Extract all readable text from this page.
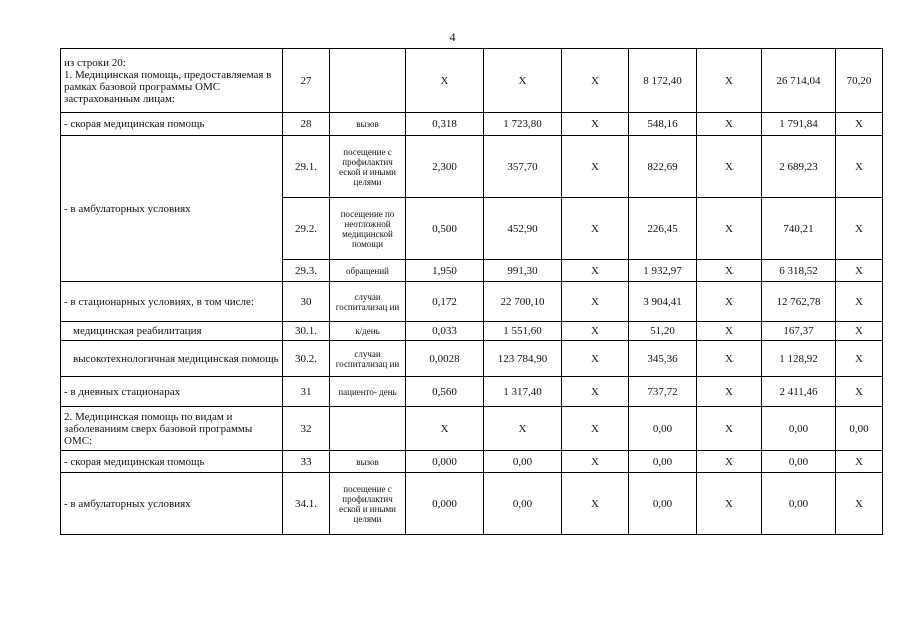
4
из строки 20:
1. Медицинская помощь, предоставляемая в рамках базовой программы ОМС застрахованным лицам:	27		Х	Х	Х	8 172,40	Х	26 714,04	70,20
- скорая медицинская помощь	28	вызов	0,318	1 723,80	Х	548,16	Х	1 791,84	Х
- в амбулаторных условиях	29.1.	посещение с профилактич еской и иными целями	2,300	357,70	Х	822,69	Х	2 689,23	Х
	29.2.	посещение по неотложной медицинской помощи	0,500	452,90	Х	226,45	Х	740,21	Х
	29.3.	обращений	1,950	991,30	Х	1 932,97	Х	6 318,52	Х
- в стационарных условиях, в том числе:	30	случаи госпитализац ии	0,172	22 700,10	Х	3 904,41	Х	12 762,78	Х
медицинская реабилитация	30.1.	к/день	0,033	1 551,60	Х	51,20	Х	167,37	Х
высокотехнологичная медицинская помощь	30.2.	случаи госпитализац ии	0,0028	123 784,90	Х	345,36	Х	1 128,92	Х
- в дневных стационарах	31	пациенто- день	0,560	1 317,40	Х	737,72	Х	2 411,46	Х
2. Медицинская помощь по видам и заболеваниям сверх базовой программы ОМС:	32		Х	Х	Х	0,00	Х	0,00	0,00
- скорая медицинская помощь	33	вызов	0,000	0,00	Х	0,00	Х	0,00	Х
- в амбулаторных условиях	34.1.	посещение с профилактич еской и иными целями	0,000	0,00	Х	0,00	Х	0,00	Х
